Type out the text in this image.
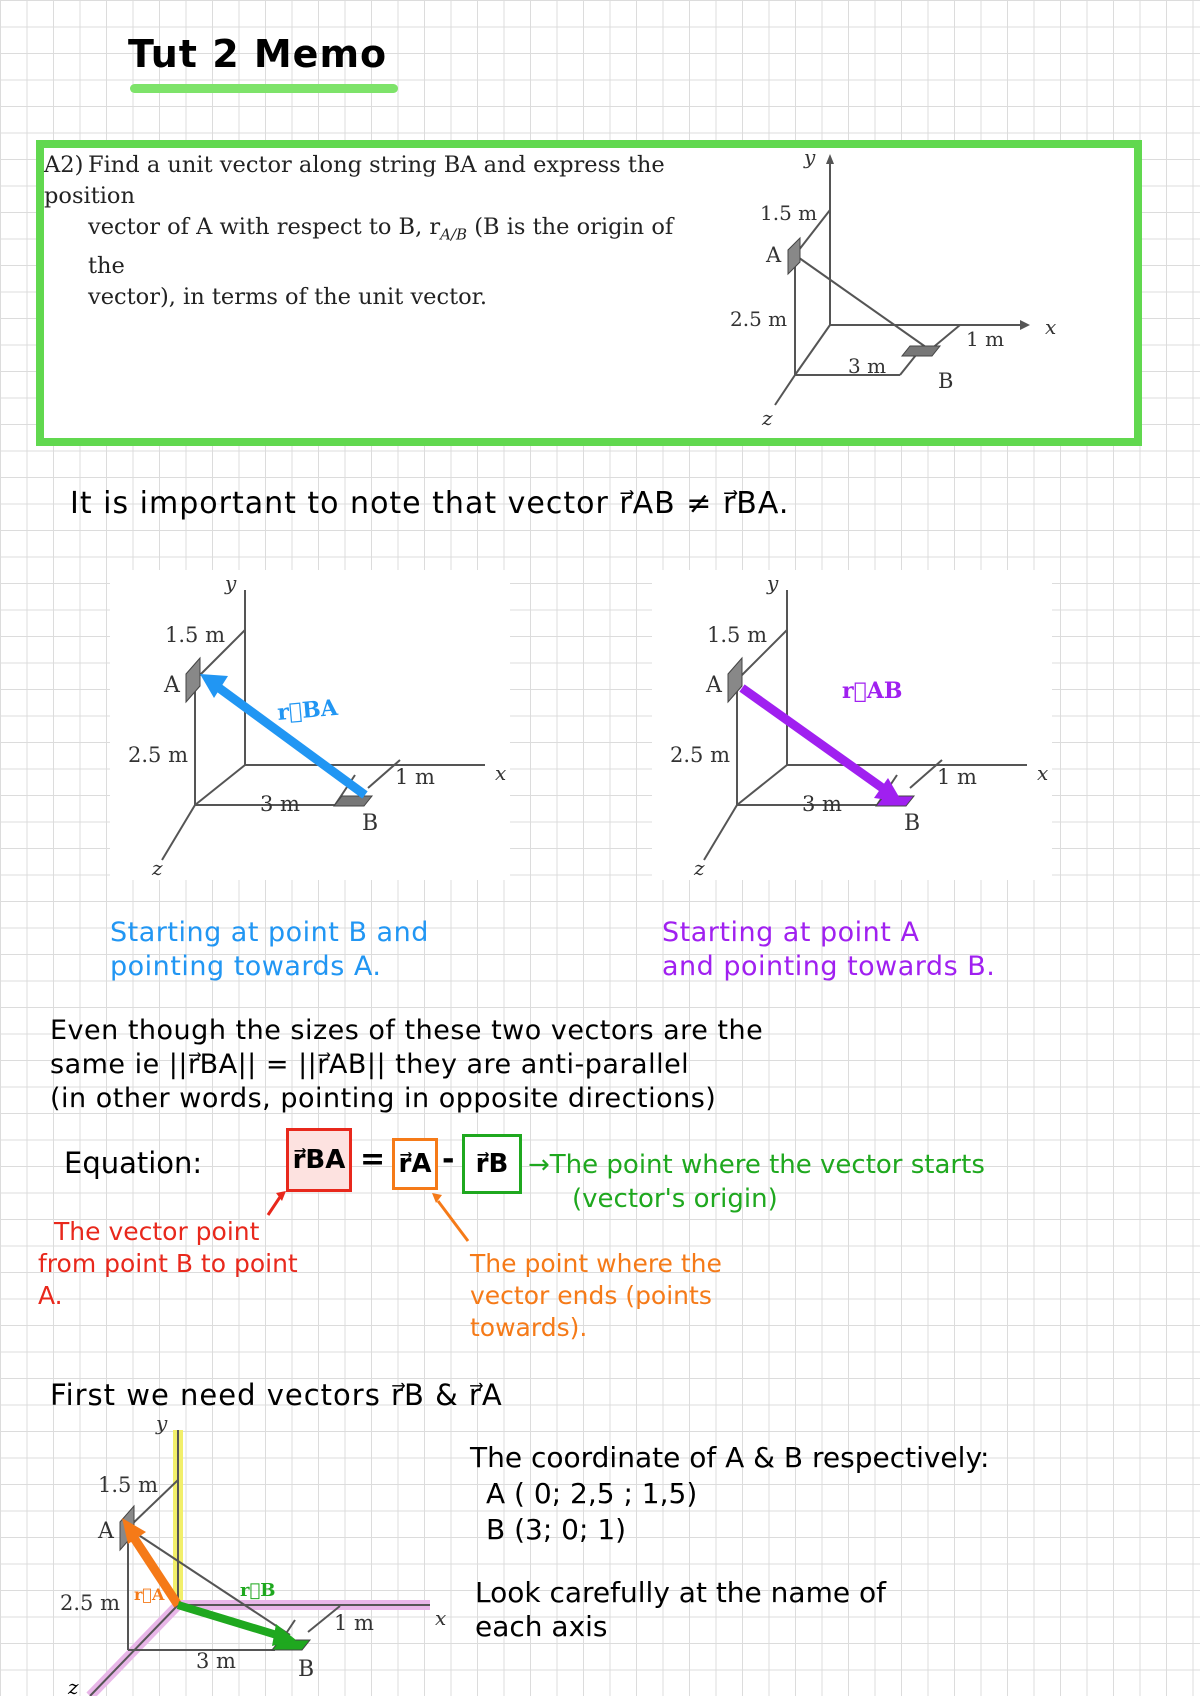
Tut 2 Memo
A2) Find a unit vector along string BA and express the position
vector of A with respect to B, $r_{A/B}$ (B is the origin of the
vector), in terms of the unit vector.
y
x
z
1.5 m
2.5 m
3 m
1 m
A
B
It is important to note that vector r⃗AB ≠ r⃗BA.
y
x
z
1.5 m
2.5 m
3 m
1 m
A
B
r⃗BA
y
x
z
1.5 m
2.5 m
3 m
1 m
A
B
r⃗AB
Starting at point B and
pointing towards A.
Starting at point A
and pointing towards B.
Even though the sizes of these two vectors are the
same ie ||r⃗BA|| = ||r⃗AB|| they are anti-parallel
(in other words, pointing in opposite directions)
Equation:	r⃗BA = r⃗A - r⃗B →The point where the vector starts
(vector's origin)
The vector point
from point B to point
A.
The point where the
vector ends (points
towards).
First we need vectors r⃗B & r⃗A
y
x
z
1.5 m
2.5 m
3 m
1 m
A
B
r⃗A	r⃗B
The coordinate of A & B respectively:
A ( 0; 2,5 ; 1,5)
B (3; 0; 1)
Look carefully at the name of
each axis
